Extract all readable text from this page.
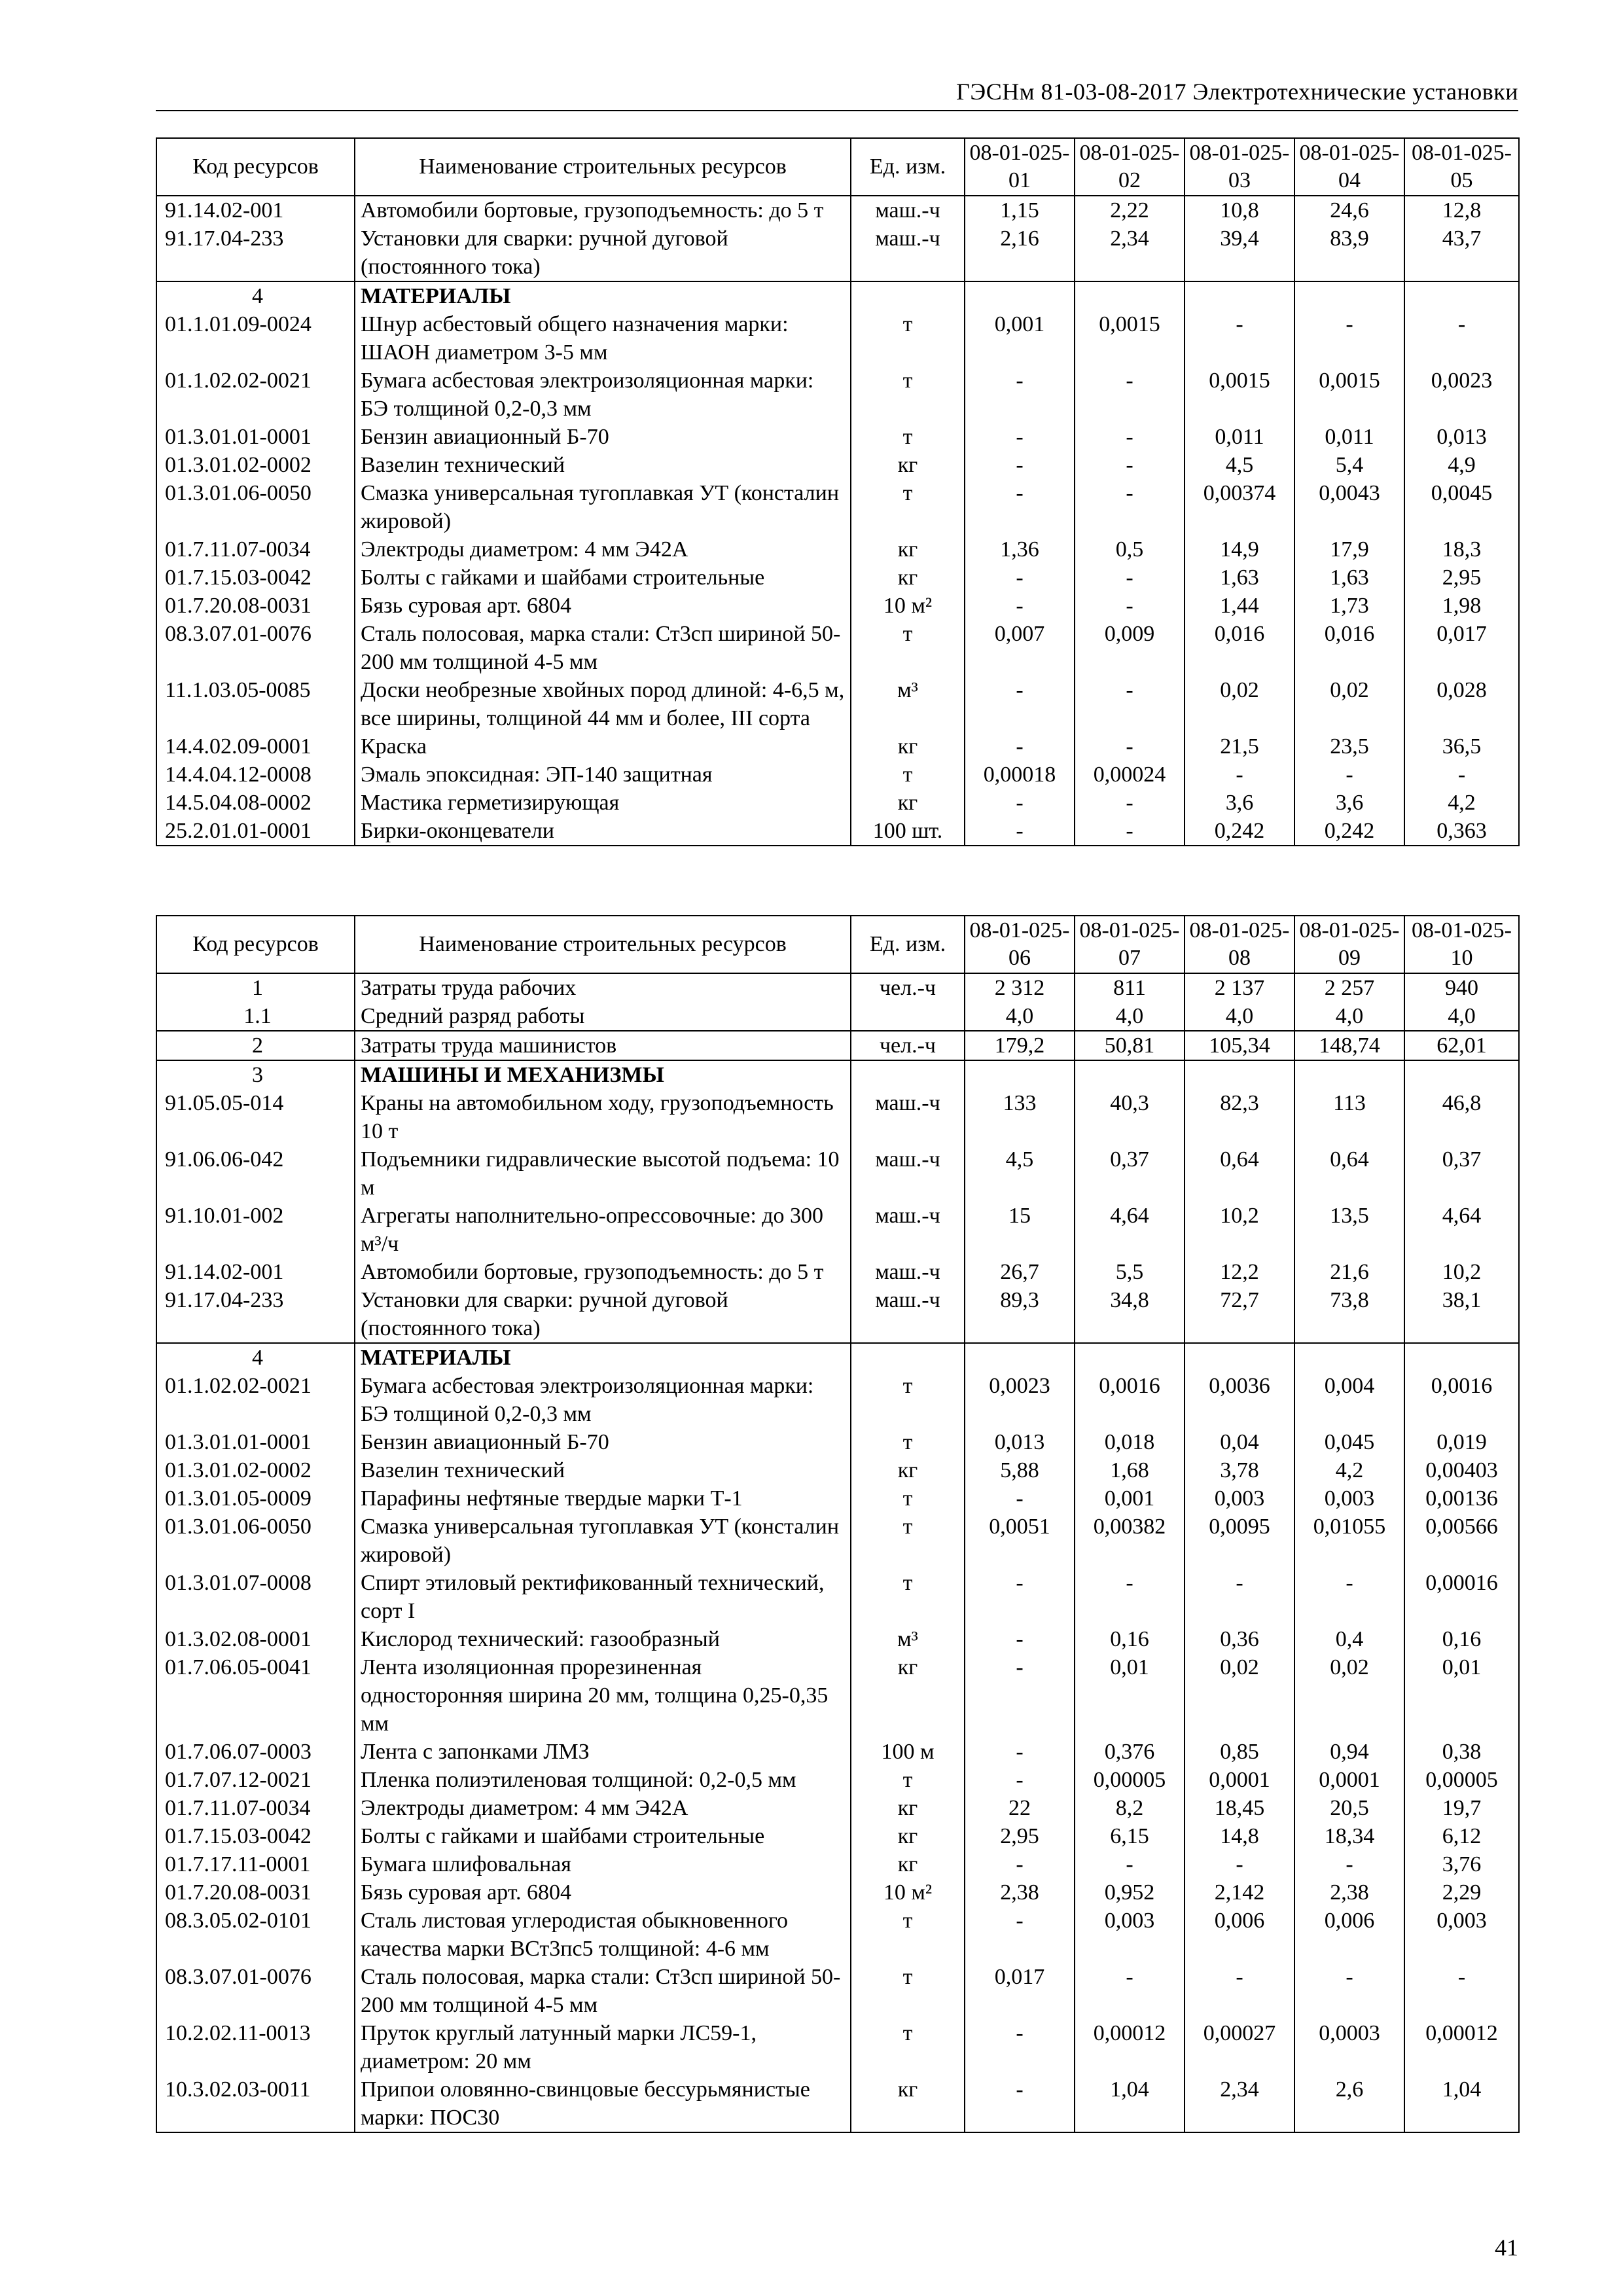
ГЭСНм 81-03-08-2017 Электротехнические установки
Код ресурсов	Наименование строительных ресурсов	Ед. изм.	08-01-025-01	08-01-025-02	08-01-025-03	08-01-025-04	08-01-025-05
91.14.02-001	Автомобили бортовые, грузоподъемность: до 5 т	маш.-ч	1,15	2,22	10,8	24,6	12,8
91.17.04-233	Установки для сварки: ручной дуговой (постоянного тока)	маш.-ч	2,16	2,34	39,4	83,9	43,7
4	МАТЕРИАЛЫ						
01.1.01.09-0024	Шнур асбестовый общего назначения марки: ШАОН диаметром 3-5 мм	т	0,001	0,0015	-	-	-
01.1.02.02-0021	Бумага асбестовая электроизоляционная марки: БЭ толщиной 0,2-0,3 мм	т	-	-	0,0015	0,0015	0,0023
01.3.01.01-0001	Бензин авиационный Б-70	т	-	-	0,011	0,011	0,013
01.3.01.02-0002	Вазелин технический	кг	-	-	4,5	5,4	4,9
01.3.01.06-0050	Смазка универсальная тугоплавкая УТ (консталин жировой)	т	-	-	0,00374	0,0043	0,0045
01.7.11.07-0034	Электроды диаметром: 4 мм Э42А	кг	1,36	0,5	14,9	17,9	18,3
01.7.15.03-0042	Болты с гайками и шайбами строительные	кг	-	-	1,63	1,63	2,95
01.7.20.08-0031	Бязь суровая арт. 6804	10 м²	-	-	1,44	1,73	1,98
08.3.07.01-0076	Сталь полосовая, марка стали: Ст3сп шириной 50-200 мм толщиной 4-5 мм	т	0,007	0,009	0,016	0,016	0,017
11.1.03.05-0085	Доски необрезные хвойных пород длиной: 4-6,5 м, все ширины, толщиной 44 мм и более, III сорта	м³	-	-	0,02	0,02	0,028
14.4.02.09-0001	Краска	кг	-	-	21,5	23,5	36,5
14.4.04.12-0008	Эмаль эпоксидная: ЭП-140 защитная	т	0,00018	0,00024	-	-	-
14.5.04.08-0002	Мастика герметизирующая	кг	-	-	3,6	3,6	4,2
25.2.01.01-0001	Бирки-оконцеватели	100 шт.	-	-	0,242	0,242	0,363
Код ресурсов	Наименование строительных ресурсов	Ед. изм.	08-01-025-06	08-01-025-07	08-01-025-08	08-01-025-09	08-01-025-10
1	Затраты труда рабочих	чел.-ч	2 312	811	2 137	2 257	940
1.1	Средний разряд работы		4,0	4,0	4,0	4,0	4,0
2	Затраты труда машинистов	чел.-ч	179,2	50,81	105,34	148,74	62,01
3	МАШИНЫ И МЕХАНИЗМЫ						
91.05.05-014	Краны на автомобильном ходу, грузоподъемность 10 т	маш.-ч	133	40,3	82,3	113	46,8
91.06.06-042	Подъемники гидравлические высотой подъема: 10 м	маш.-ч	4,5	0,37	0,64	0,64	0,37
91.10.01-002	Агрегаты наполнительно-опрессовочные: до 300 м³/ч	маш.-ч	15	4,64	10,2	13,5	4,64
91.14.02-001	Автомобили бортовые, грузоподъемность: до 5 т	маш.-ч	26,7	5,5	12,2	21,6	10,2
91.17.04-233	Установки для сварки: ручной дуговой (постоянного тока)	маш.-ч	89,3	34,8	72,7	73,8	38,1
4	МАТЕРИАЛЫ						
01.1.02.02-0021	Бумага асбестовая электроизоляционная марки: БЭ толщиной 0,2-0,3 мм	т	0,0023	0,0016	0,0036	0,004	0,0016
01.3.01.01-0001	Бензин авиационный Б-70	т	0,013	0,018	0,04	0,045	0,019
01.3.01.02-0002	Вазелин технический	кг	5,88	1,68	3,78	4,2	0,00403
01.3.01.05-0009	Парафины нефтяные твердые марки Т-1	т	-	0,001	0,003	0,003	0,00136
01.3.01.06-0050	Смазка универсальная тугоплавкая УТ (консталин жировой)	т	0,0051	0,00382	0,0095	0,01055	0,00566
01.3.01.07-0008	Спирт этиловый ректификованный технический, сорт I	т	-	-	-	-	0,00016
01.3.02.08-0001	Кислород технический: газообразный	м³	-	0,16	0,36	0,4	0,16
01.7.06.05-0041	Лента изоляционная прорезиненная односторонняя ширина 20 мм, толщина 0,25-0,35 мм	кг	-	0,01	0,02	0,02	0,01
01.7.06.07-0003	Лента с запонками ЛМЗ	100 м	-	0,376	0,85	0,94	0,38
01.7.07.12-0021	Пленка полиэтиленовая толщиной: 0,2-0,5 мм	т	-	0,00005	0,0001	0,0001	0,00005
01.7.11.07-0034	Электроды диаметром: 4 мм Э42А	кг	22	8,2	18,45	20,5	19,7
01.7.15.03-0042	Болты с гайками и шайбами строительные	кг	2,95	6,15	14,8	18,34	6,12
01.7.17.11-0001	Бумага шлифовальная	кг	-	-	-	-	3,76
01.7.20.08-0031	Бязь суровая арт. 6804	10 м²	2,38	0,952	2,142	2,38	2,29
08.3.05.02-0101	Сталь листовая углеродистая обыкновенного качества марки ВСт3пс5 толщиной: 4-6 мм	т	-	0,003	0,006	0,006	0,003
08.3.07.01-0076	Сталь полосовая, марка стали: Ст3сп шириной 50-200 мм толщиной 4-5 мм	т	0,017	-	-	-	-
10.2.02.11-0013	Пруток круглый латунный марки ЛС59-1, диаметром: 20 мм	т	-	0,00012	0,00027	0,0003	0,00012
10.3.02.03-0011	Припои оловянно-свинцовые бессурьмянистые марки: ПОС30	кг	-	1,04	2,34	2,6	1,04
41
